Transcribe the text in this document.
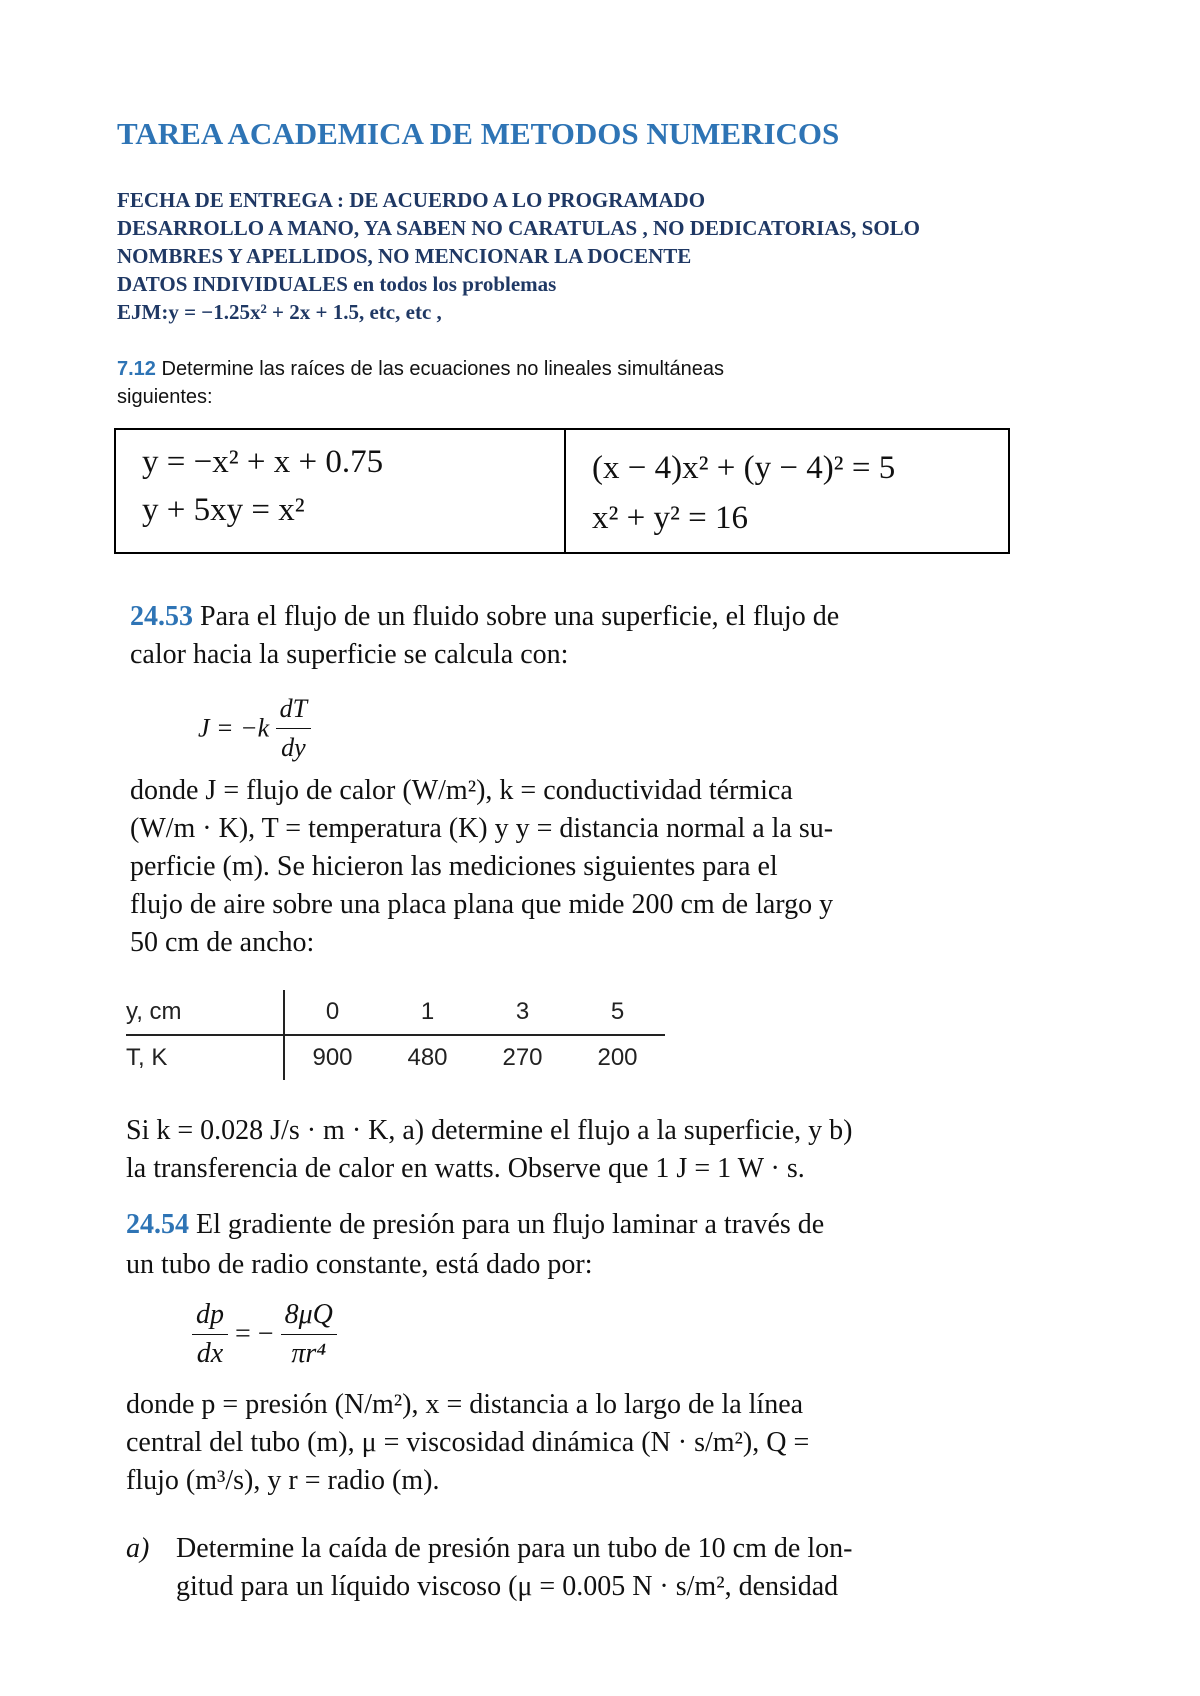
TAREA ACADEMICA DE METODOS NUMERICOS
FECHA DE ENTREGA : DE ACUERDO A LO PROGRAMADO
DESARROLLO A MANO, YA SABEN NO CARATULAS , NO DEDICATORIAS, SOLO
NOMBRES Y APELLIDOS, NO MENCIONAR LA DOCENTE
DATOS INDIVIDUALES en todos los problemas
EJM:y = −1.25x² + 2x + 1.5, etc, etc ,
7.12 Determine las raíces de las ecuaciones no lineales simultáneas
siguientes:
y = −x² + x + 0.75
y + 5xy = x²
(x − 4)x² + (y − 4)² = 5
x² + y² = 16
24.53 Para el flujo de un fluido sobre una superficie, el flujo de
calor hacia la superficie se calcula con:
$J = -k \frac{dT}{dy}$
donde J = flujo de calor (W/m²), k = conductividad térmica
(W/m · K), T = temperatura (K) y y = distancia normal a la su-
perficie (m). Se hicieron las mediciones siguientes para el
flujo de aire sobre una placa plana que mide 200 cm de largo y
50 cm de ancho:
y, cm	0	1	3	5
T, K	900	480	270	200
Si k = 0.028 J/s · m · K, a) determine el flujo a la superficie, y b)
la transferencia de calor en watts. Observe que 1 J = 1 W · s.
24.54 El gradiente de presión para un flujo laminar a través de
un tubo de radio constante, está dado por:
$\frac{dp}{dx}$ = − $\frac{8\mu Q}{\text{πr⁴}}$
donde p = presión (N/m²), x = distancia a lo largo de la línea
central del tubo (m), μ = viscosidad dinámica (N · s/m²), Q =
flujo (m³/s), y r = radio (m).
a) Determine la caída de presión para un tubo de 10 cm de lon-
gitud para un líquido viscoso (μ = 0.005 N · s/m², densidad
